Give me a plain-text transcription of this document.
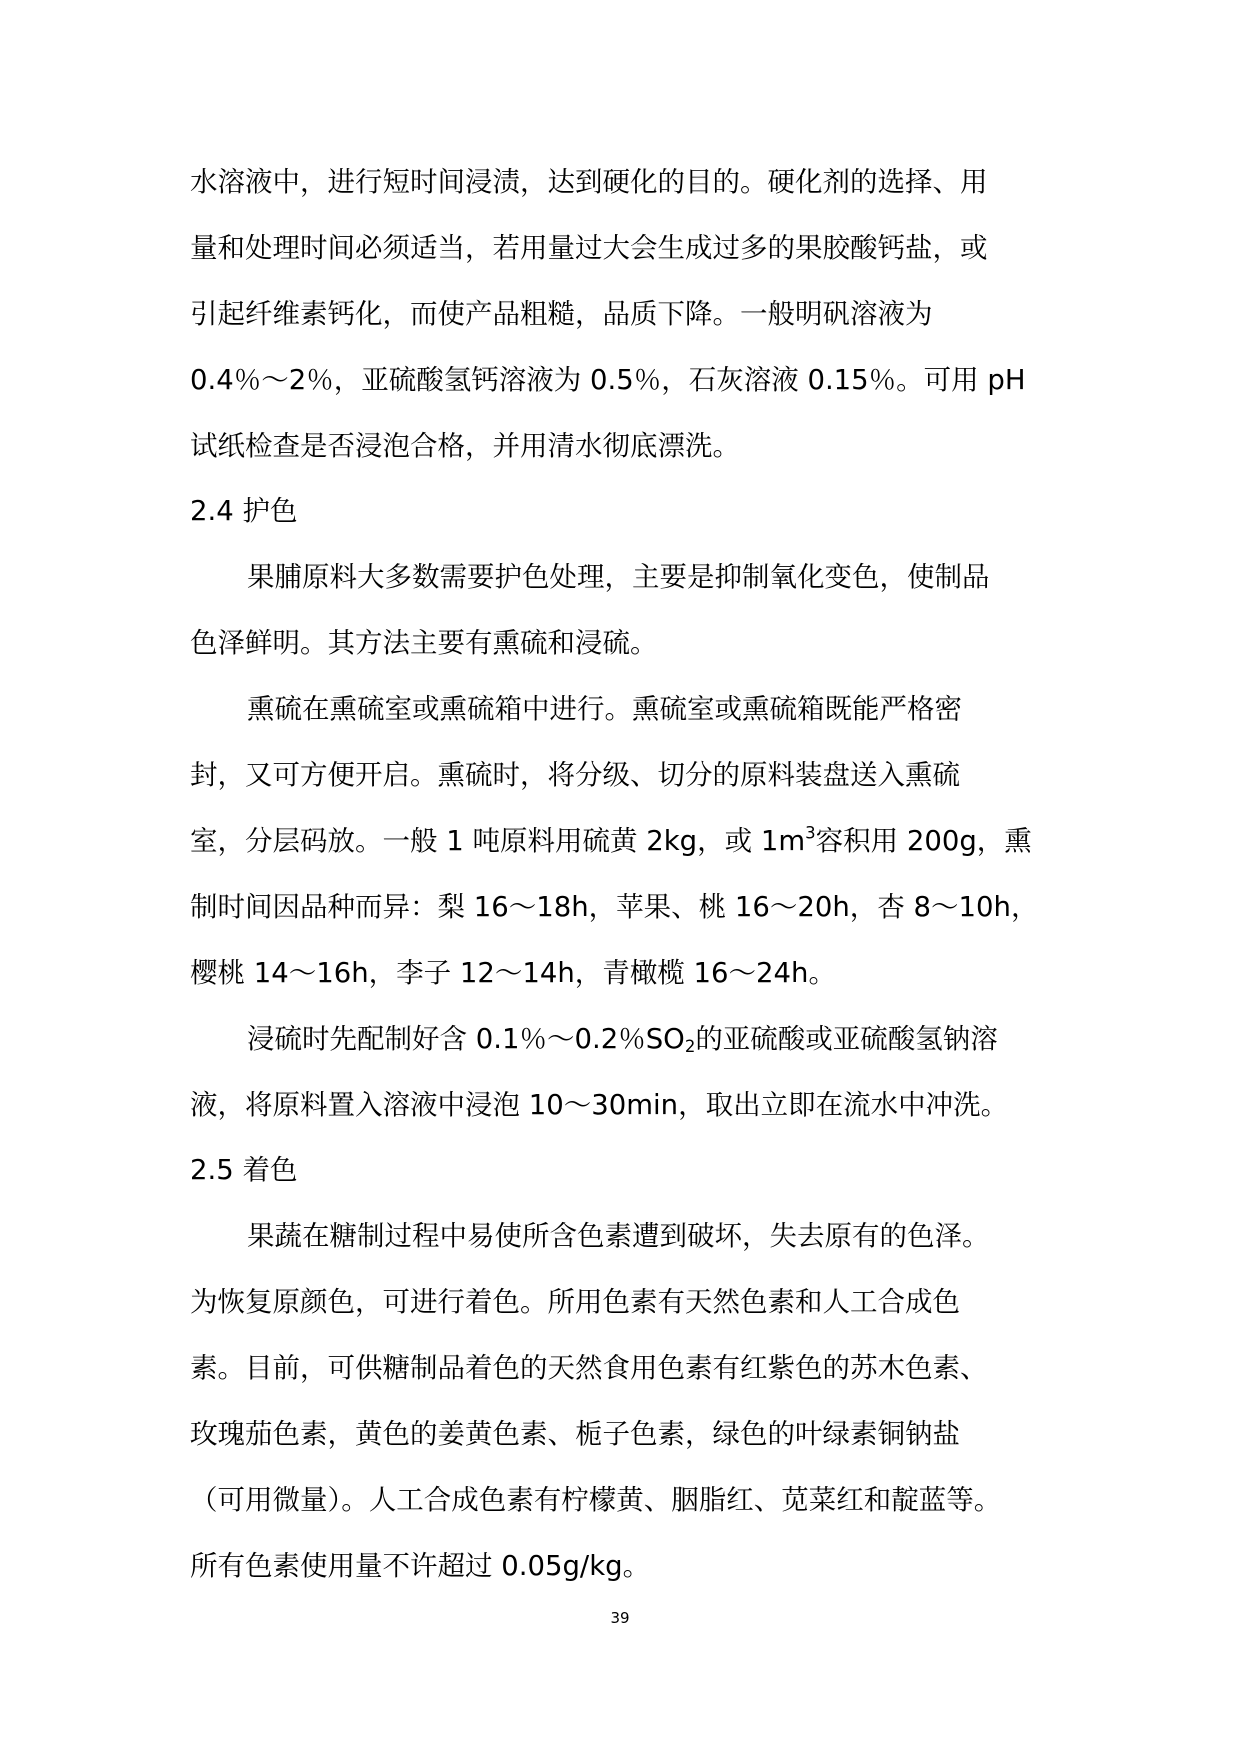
水溶液中，进行短时间浸渍，达到硬化的目的。硬化剂的选择、用

量和处理时间必须适当，若用量过大会生成过多的果胶酸钙盐，或

引起纤维素钙化，而使产品粗糙，品质下降。一般明矾溶液为

0.4％～2％，亚硫酸氢钙溶液为 0.5％，石灰溶液 0.15％。可用 pH

试纸检查是否浸泡合格，并用清水彻底漂洗。

2.4 护色

果脯原料大多数需要护色处理，主要是抑制氧化变色，使制品

色泽鲜明。其方法主要有熏硫和浸硫。

熏硫在熏硫室或熏硫箱中进行。熏硫室或熏硫箱既能严格密

封，又可方便开启。熏硫时，将分级、切分的原料装盘送入熏硫

室，分层码放。一般 1 吨原料用硫黄 2kg，或 $1m^3$容积用 200g，熏

制时间因品种而异：梨 16～18h，苹果、桃 16～20h，杏 8～10h，

樱桃 14～16h，李子 12～14h，青橄榄 16～24h。

浸硫时先配制好含 0.1％～0.2％$SO_2$的亚硫酸或亚硫酸氢钠溶

液，将原料置入溶液中浸泡 10～30min，取出立即在流水中冲洗。

2.5 着色

果蔬在糖制过程中易使所含色素遭到破坏，失去原有的色泽。

为恢复原颜色，可进行着色。所用色素有天然色素和人工合成色

素。目前，可供糖制品着色的天然食用色素有红紫色的苏木色素、

玫瑰茄色素，黄色的姜黄色素、栀子色素，绿色的叶绿素铜钠盐

（可用微量）。人工合成色素有柠檬黄、胭脂红、苋菜红和靛蓝等。

所有色素使用量不许超过 0.05g/kg。

39
